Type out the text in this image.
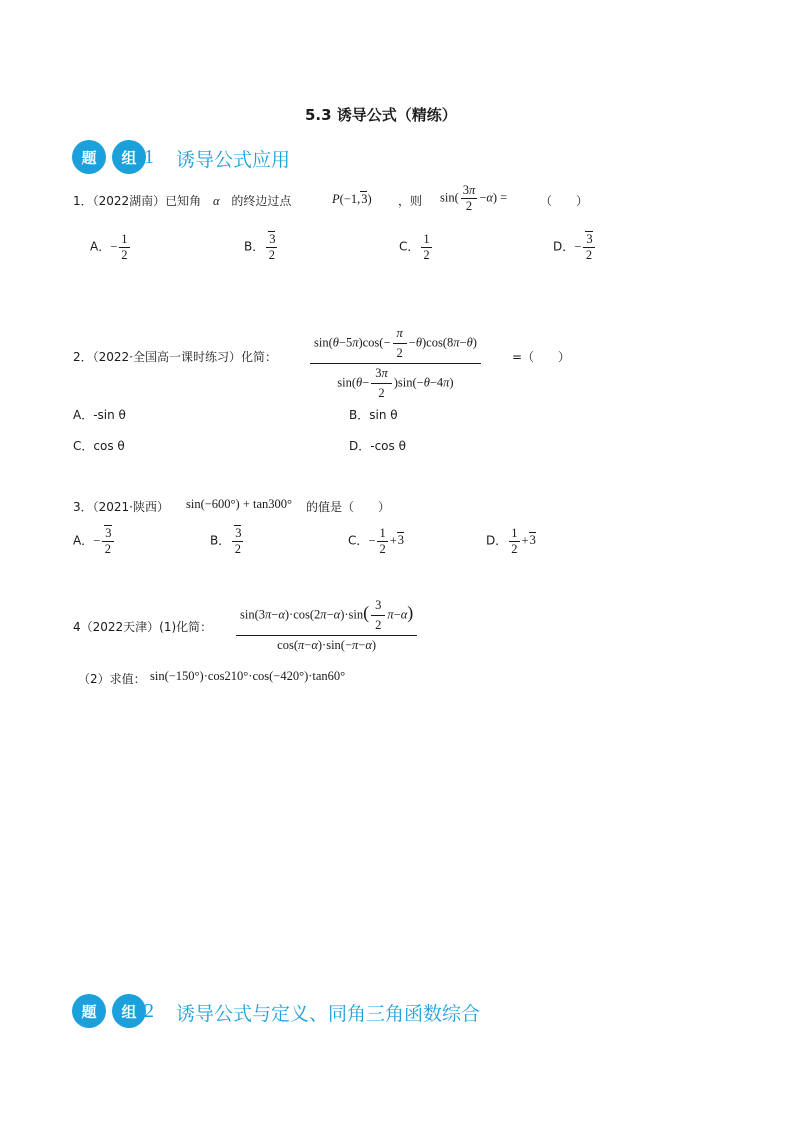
5.3 诱导公式（精练）
题	组 1 诱导公式应用
1．（2022湖南）已知角 α 的终边过点	P(−1,3) ，则 $\sin( \frac{3\pi}{2} -\alpha)$ =	（　　）
A．− $\frac{1}{2}$	B． $\frac{3}{2}$	C． $\frac{1}{2}$	D．− $\frac{3}{2}$
2．（2022·全国高一课时练习）化简：	$\frac{\sin(\theta-5\pi)\cos(- \frac{\pi}{2} -\theta)\cos(8\pi-\theta)}{\sin(\theta- \frac{3\pi}{2} )\sin(-\theta-4\pi)}$	=（　　）
A．-sin θ	B．sin θ
C．cos θ	D．-cos θ
3．（2021·陕西） sin(−600°) + tan300° 的值是（　　）
A．− $\frac{3}{2}$	B． $\frac{3}{2}$	C．− $\frac{1}{2} +3$	D． $\frac{1}{2} +3$
4（2022天津）(1)化简： $\frac{\sin(3\pi-\alpha)\cdot\cos(2\pi-\alpha)\cdot\sin( \frac{3}{2} \pi-\alpha)}{\cos(\pi-\alpha)\cdot\sin(-\pi-\alpha)}$
（2）求值： sin(−150°)·cos210°·cos(−420°)·tan60°
题	组 2 诱导公式与定义、同角三角函数综合
